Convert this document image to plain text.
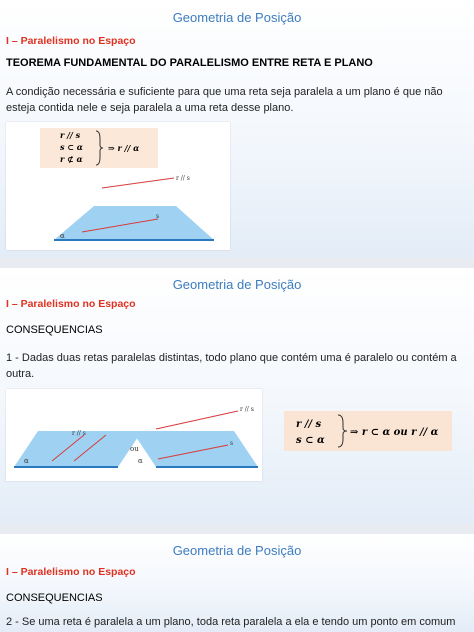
Geometria de Posição
I – Paralelismo no Espaço
TEOREMA FUNDAMENTAL DO PARALELISMO ENTRE RETA E PLANO
A condição necessária e suficiente para que uma reta seja paralela a um plano é que não esteja contida nele e seja paralela a uma reta desse plano.
r // s
s ⊂ α
r ⊄ α
⇒ r // α
r // s
s
α
Geometria de Posição
I – Paralelismo no Espaço
CONSEQUENCIAS
1 - Dadas duas retas paralelas distintas, todo plano que contém uma é paralelo ou contém a outra.
r // s
α
ou
r // s
s
α
r // s
s ⊂ α
⇒ r ⊂ α ou r // α
Geometria de Posição
I – Paralelismo no Espaço
CONSEQUENCIAS
2 - Se uma reta é paralela a um plano, toda reta paralela a ela e tendo um ponto em comum
